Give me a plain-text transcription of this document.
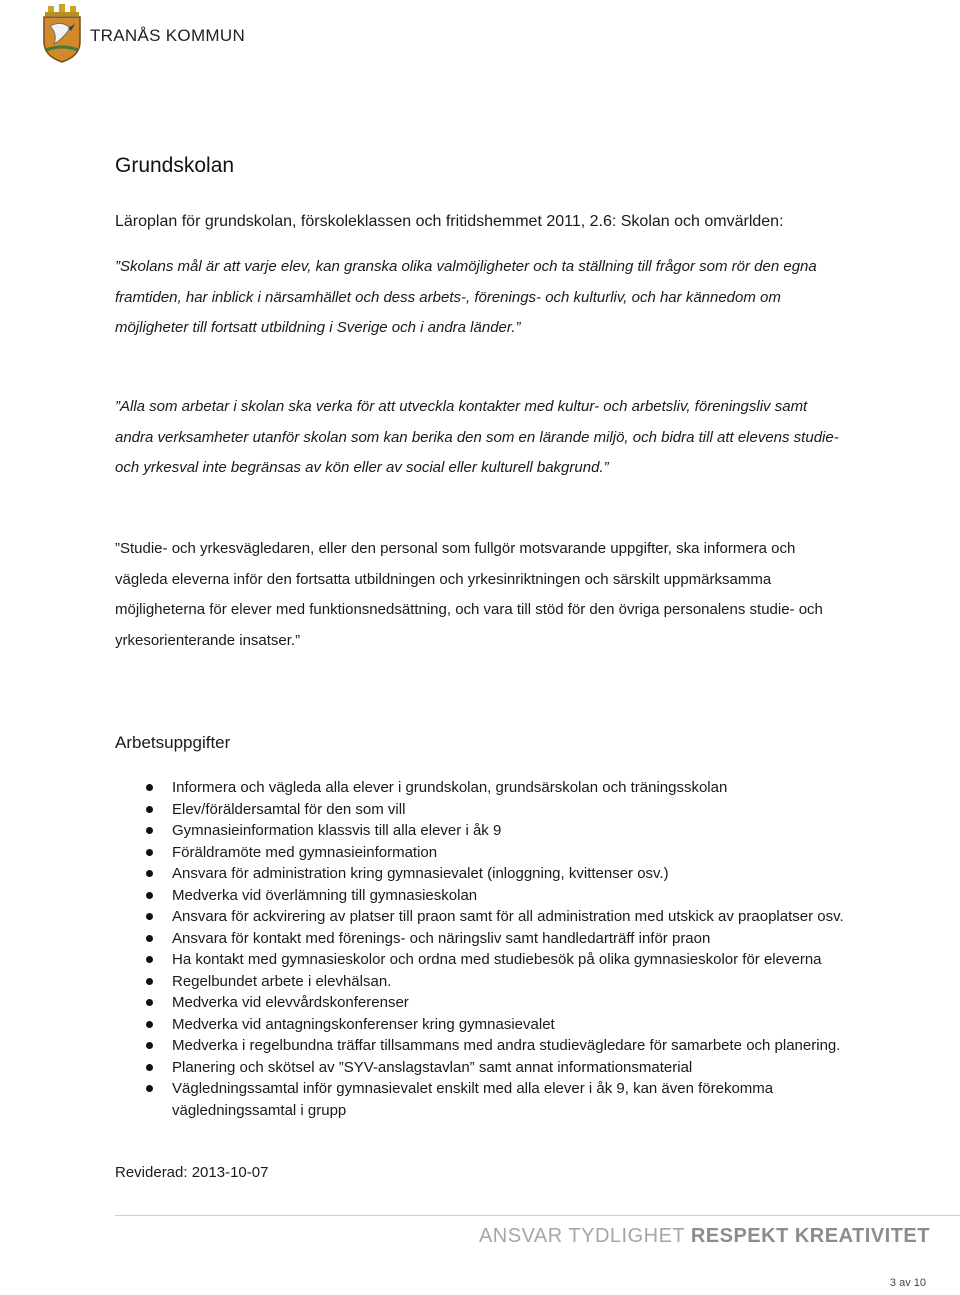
TRANÅS KOMMUN
Grundskolan

Läroplan för grundskolan, förskoleklassen och fritidshemmet 2011, 2.6: Skolan och omvärlden:

”Skolans mål är att varje elev, kan granska olika valmöjligheter och ta ställning till frågor som rör den egna framtiden, har inblick i närsamhället och dess arbets-, förenings- och kulturliv, och har kännedom om möjligheter till fortsatt utbildning i Sverige och i andra länder.”

”Alla som arbetar i skolan ska verka för att utveckla kontakter med kultur- och arbetsliv, föreningsliv samt andra verksamheter utanför skolan som kan berika den som en lärande miljö, och bidra till att elevens studie- och yrkesval inte begränsas av kön eller av social eller kulturell bakgrund.”

”Studie- och yrkesvägledaren, eller den personal som fullgör motsvarande uppgifter, ska informera och vägleda eleverna inför den fortsatta utbildningen och yrkesinriktningen och särskilt uppmärksamma möjligheterna för elever med funktionsnedsättning, och vara till stöd för den övriga personalens studie- och yrkesorienterande insatser.”

Arbetsuppgifter
Informera och vägleda alla elever i grundskolan, grundsärskolan och träningsskolan
Elev/föräldersamtal för den som vill
Gymnasieinformation klassvis till alla elever i åk 9
Föräldramöte med gymnasieinformation
Ansvara för administration kring gymnasievalet (inloggning, kvittenser osv.)
Medverka vid överlämning till gymnasieskolan
Ansvara för ackvirering av platser till praon samt för all administration med utskick av praoplatser osv.
Ansvara för kontakt med förenings- och näringsliv samt handledarträff inför praon
Ha kontakt med gymnasieskolor och ordna med studiebesök på olika gymnasieskolor för eleverna
Regelbundet arbete i elevhälsan.
Medverka vid elevvårdskonferenser
Medverka vid antagningskonferenser kring gymnasievalet
Medverka i regelbundna träffar tillsammans med andra studievägledare för samarbete och planering.
Planering och skötsel av ”SYV-anslagstavlan” samt annat informationsmaterial
Vägledningssamtal inför gymnasievalet enskilt med alla elever i åk 9, kan även förekomma vägledningssamtal i grupp
Reviderad: 2013-10-07
ANSVAR TYDLIGHET RESPEKT KREATIVITET
3 av 10
